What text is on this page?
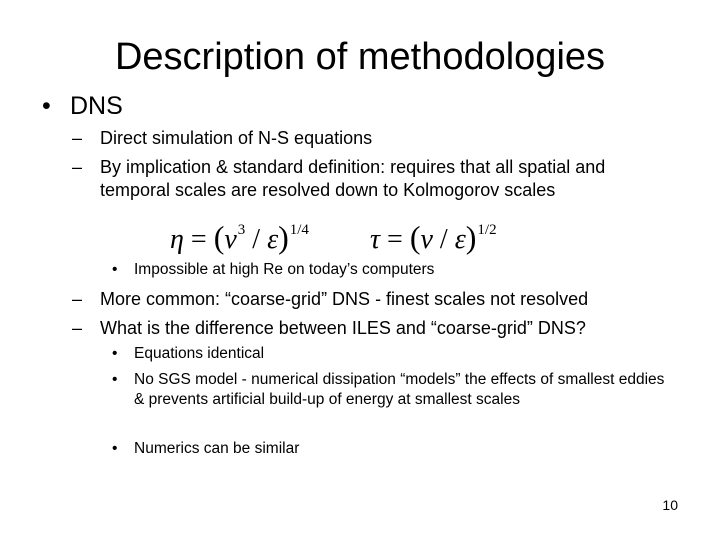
Description of methodologies
• DNS
– Direct simulation of N-S equations
– By implication & standard definition: requires that all spatial and temporal scales are resolved down to Kolmogorov scales
$\eta = (\nu^3 / \varepsilon)^{1/4}$ τ = (ν / ε)$^{1/2}$
• Impossible at high Re on today’s computers
– More common: “coarse-grid” DNS - finest scales not resolved
– What is the difference between ILES and “coarse-grid” DNS?
• Equations identical
• No SGS model - numerical dissipation “models” the effects of smallest eddies & prevents artificial build-up of energy at smallest scales
• Numerics can be similar
10
